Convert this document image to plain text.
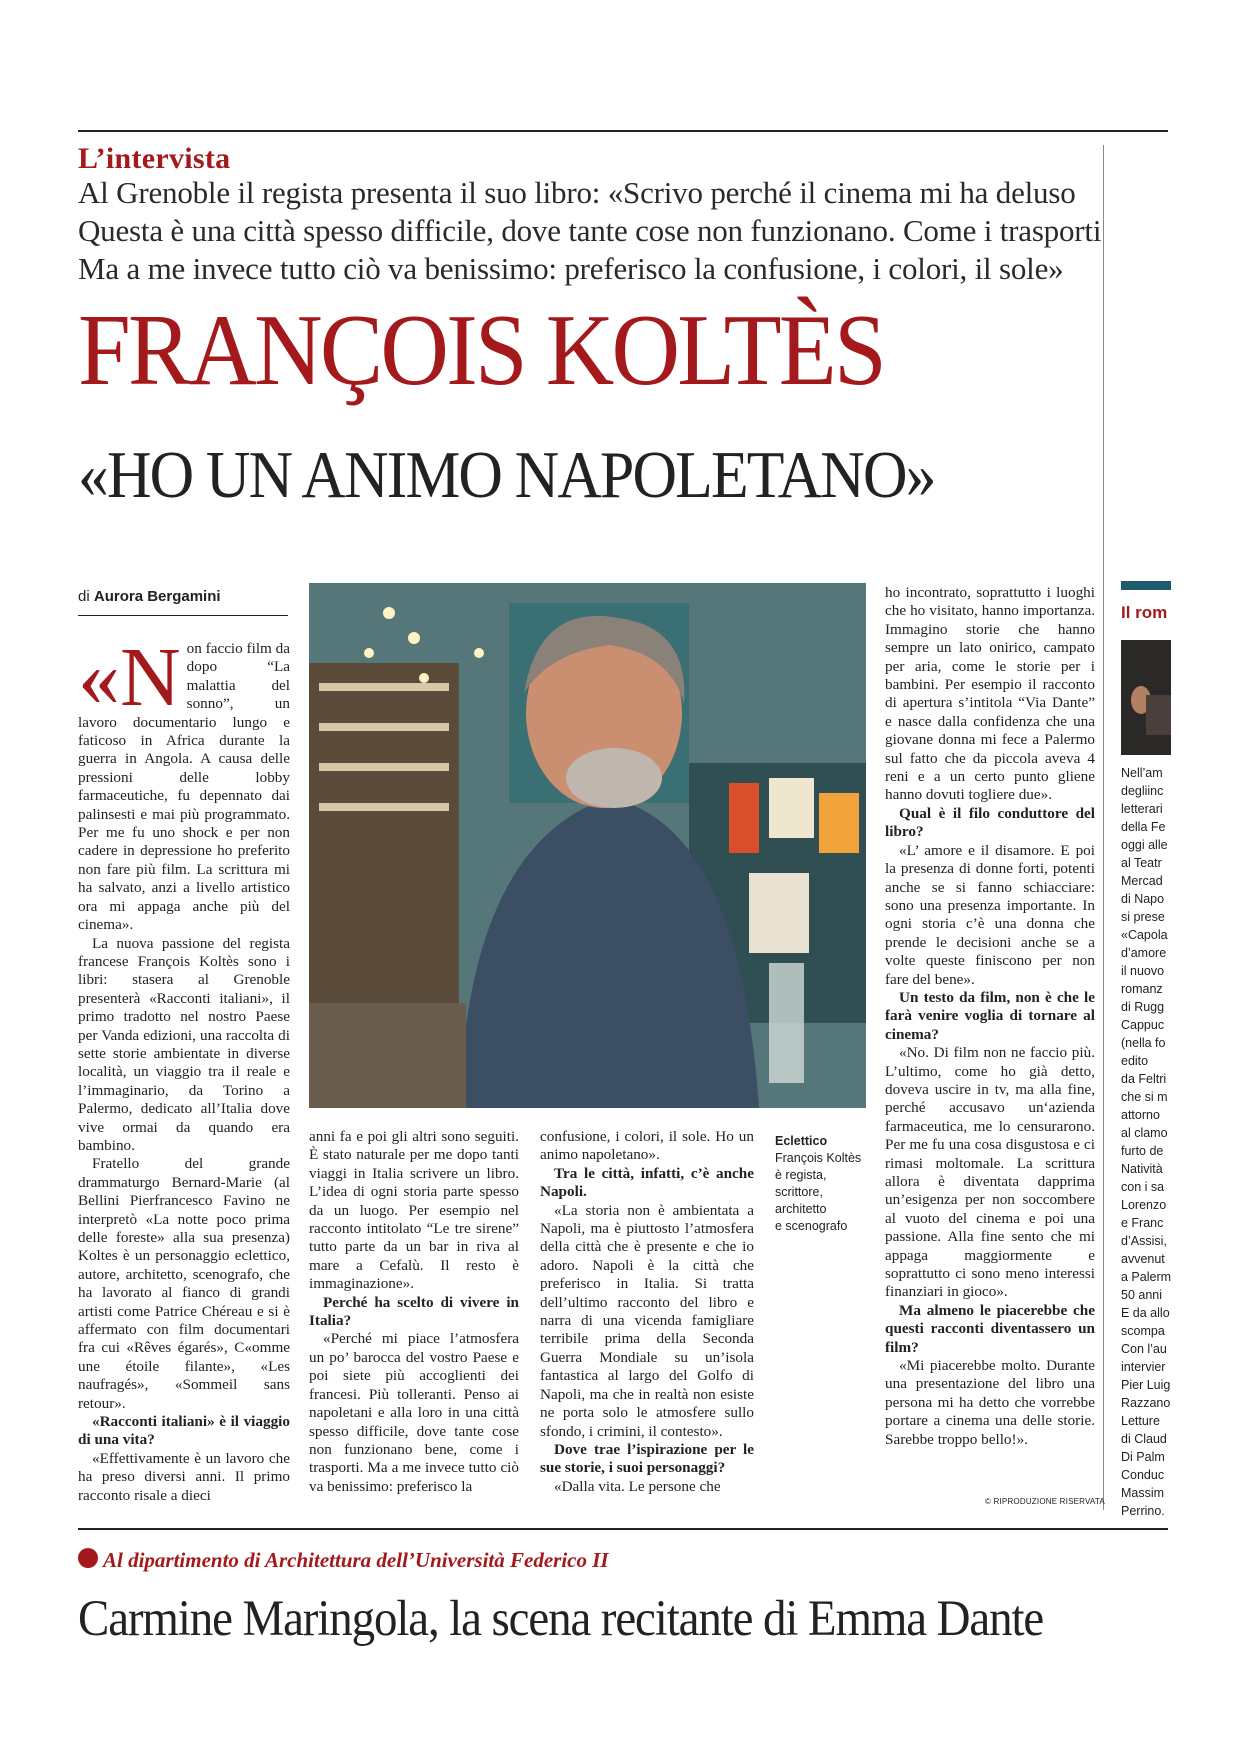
L’intervista
Al Grenoble il regista presenta il suo libro: «Scrivo perché il cinema mi ha deluso
Questa è una città spesso difficile, dove tante cose non funzionano. Come i trasporti
Ma a me invece tutto ciò va benissimo: preferisco la confusione, i colori, il sole»
FRANÇOIS KOLTÈS
«HO UN ANIMO NAPOLETANO»
di Aurora Bergamini

«Non faccio film da dopo “La malattia del sonno”, un lavoro documentario lungo e faticoso in Africa durante la guerra in Angola. A causa delle pressioni delle lobby farmaceutiche, fu depennato dai palinsesti e mai più programmato. Per me fu uno shock e per non cadere in depressione ho preferito non fare più film. La scrittura mi ha salvato, anzi a livello artistico ora mi appaga anche più del cinema».

La nuova passione del regista francese François Koltès sono i libri: stasera al Grenoble presenterà «Racconti italiani», il primo tradotto nel nostro Paese per Vanda edizioni, una raccolta di sette storie ambientate in diverse località, un viaggio tra il reale e l’immaginario, da Torino a Palermo, dedicato all’Italia dove vive ormai da quando era bambino.

Fratello del grande drammaturgo Bernard-Marie (al Bellini Pierfrancesco Favino ne interpretò «La notte poco prima delle foreste» alla sua presenza) Koltes è un personaggio eclettico, autore, architetto, scenografo, che ha lavorato al fianco di grandi artisti come Patrice Chéreau e si è affermato con film documentari fra cui «Rêves égarés», C«omme une étoile filante», «Les naufragés», «Sommeil sans retour».

«Racconti italiani» è il viaggio di una vita?

«Effettivamente è un lavoro che ha preso diversi anni. Il primo racconto risale a dieci

anni fa e poi gli altri sono seguiti. È stato naturale per me dopo tanti viaggi in Italia scrivere un libro. L’idea di ogni storia parte spesso da un luogo. Per esempio nel racconto intitolato “Le tre sirene” tutto parte da un bar in riva al mare a Cefalù. Il resto è immaginazione».

Perché ha scelto di vivere in Italia?

«Perché mi piace l’atmosfera un po’ barocca del vostro Paese e poi siete più accoglienti dei francesi. Più tolleranti. Penso ai napoletani e alla loro in una città spesso difficile, dove tante cose non funzionano bene, come i trasporti. Ma a me invece tutto ciò va benissimo: preferisco la

confusione, i colori, il sole. Ho un animo napoletano».

Tra le città, infatti, c’è anche Napoli.

«La storia non è ambientata a Napoli, ma è piuttosto l’atmosfera della città che è presente e che io adoro. Napoli è la città che preferisco in Italia. Si tratta dell’ultimo racconto del libro e narra di una vicenda famigliare terribile prima della Seconda Guerra Mondiale su un’isola fantastica al largo del Golfo di Napoli, ma che in realtà non esiste ne porta solo le atmosfere sullo sfondo, i crimini, il contesto».

Dove trae l’ispirazione per le sue storie, i suoi personaggi?

«Dalla vita. Le persone che

Eclettico
François Koltès
è regista,
scrittore,
architetto
e scenografo

ho incontrato, soprattutto i luoghi che ho visitato, hanno importanza. Immagino storie che hanno sempre un lato onirico, campato per aria, come le storie per i bambini. Per esempio il racconto di apertura s’intitola “Via Dante” e nasce dalla confidenza che una giovane donna mi fece a Palermo sul fatto che da piccola aveva 4 reni e a un certo punto gliene hanno dovuti togliere due».

Qual è il filo conduttore del libro?

«L’ amore e il disamore. E poi la presenza di donne forti, potenti anche se si fanno schiacciare: sono una presenza importante. In ogni storia c’è una donna che prende le decisioni anche se a volte queste finiscono per non fare del bene».

Un testo da film, non è che le farà venire voglia di tornare al cinema?

«No. Di film non ne faccio più. L’ultimo, come ho già detto, doveva uscire in tv, ma alla fine, perché accusavo un‘azienda farmaceutica, me lo censurarono. Per me fu una cosa disgustosa e ci rimasi moltomale. La scrittura allora è diventata dapprima un’esigenza per non soccombere al vuoto del cinema e poi una passione. Alla fine sento che mi appaga maggiormente e soprattutto ci sono meno interessi finanziari in gioco».

Ma almeno le piacerebbe che questi racconti diventassero un film?

«Mi piacerebbe molto. Durante una presentazione del libro una persona mi ha detto che vorrebbe portare a cinema una delle storie. Sarebbe troppo bello!».

© RIPRODUZIONE RISERVATA
Il rom
Nell’am
degliinc
letterari
della Fe
oggi alle
al Teatr
Mercad
di Napo
si prese
«Capola
d’amore
il nuovo
romanz
di Rugg
Cappuc
(nella fo
edito
da Feltri
che si m
attorno
al clamo
furto de
Natività
con i sa
Lorenzo
e Franc
d’Assisi,
avvenut
a Palerm
50 anni
E da allo
scompa
Con l’au
intervier
Pier Luig
Razzano
Letture
di Claud
Di Palm
Conduc
Massim
Perrino.
Al dipartimento di Architettura dell’Università Federico II
Carmine Maringola, la scena recitante di Emma Dante
